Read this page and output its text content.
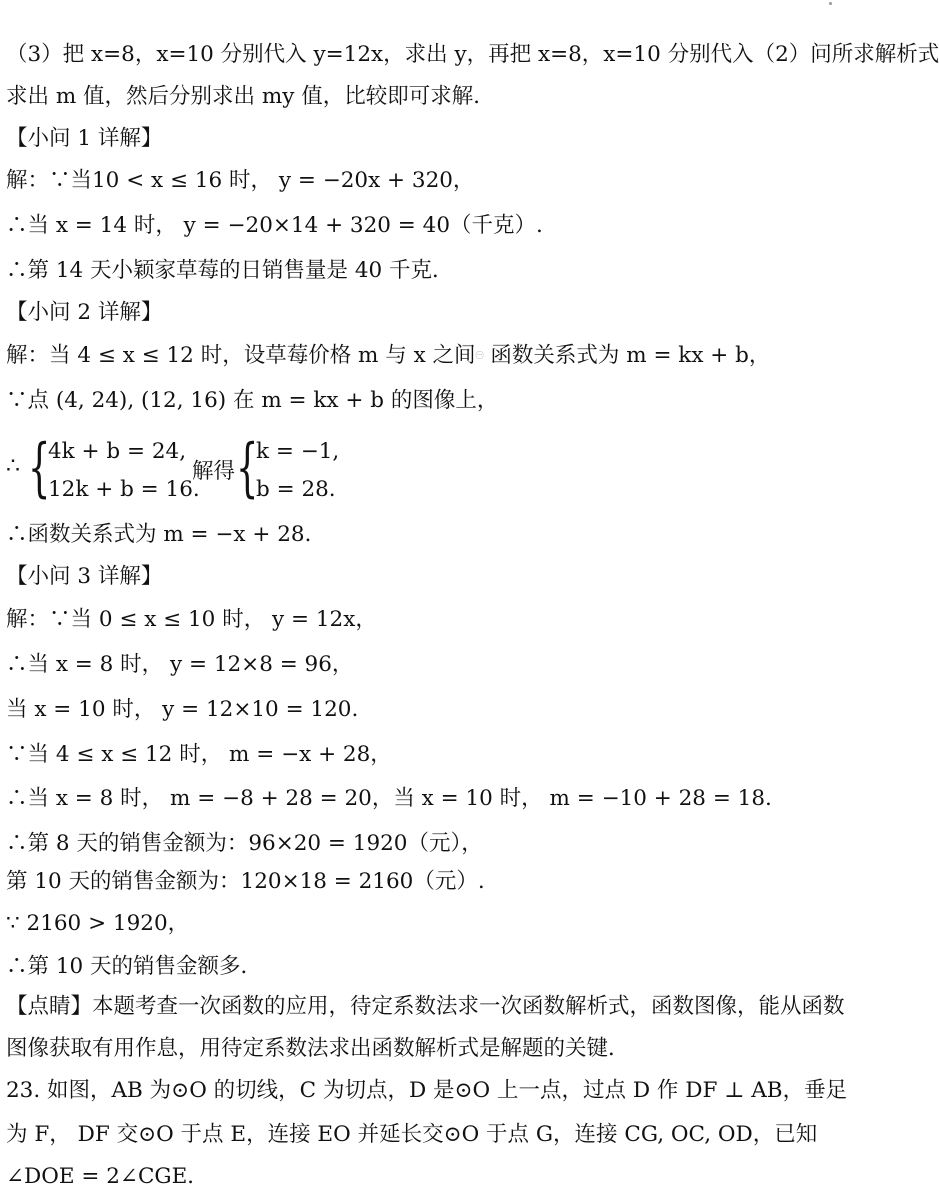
（3）把 x=8，x=10 分别代入 y=12x，求出 y，再把 x=8，x=10 分别代入（2）问所求解析式
求出 m 值，然后分别求出 my 值，比较即可求解．
【小问 1 详解】
解：∵当10 < x ≤ 16 时， y = −20x + 320，
∴当 x = 14 时， y = −20×14 + 320 = 40（千克）.
∴第 14 天小颖家草莓的日销售量是 40 千克．
【小问 2 详解】
解：当 4 ≤ x ≤ 12 时，设草莓价格 m 与 x 之间$^㊀$ 函数关系式为 m = kx + b，
∵点 (4, 24), (12, 16) 在 m = kx + b 的图像上，
∴ {
4k + b = 24,
12k + b = 16.
解得 {
k = −1,
b = 28.
∴函数关系式为 m = −x + 28．
【小问 3 详解】
解：∵当 0 ≤ x ≤ 10 时， y = 12x，
∴当 x = 8 时， y = 12×8 = 96，
当 x = 10 时， y = 12×10 = 120.
∵当 4 ≤ x ≤ 12 时， m = −x + 28，
∴当 x = 8 时， m = −8 + 28 = 20，当 x = 10 时， m = −10 + 28 = 18.
∴第 8 天的销售金额为：96×20 = 1920（元），
第 10 天的销售金额为：120×18 = 2160（元）.
∵ 2160 > 1920，
∴第 10 天的销售金额多．
【点睛】本题考查一次函数的应用，待定系数法求一次函数解析式，函数图像，能从函数
图像获取有用作息，用待定系数法求出函数解析式是解题的关键．
23. 如图，AB 为⊙O 的切线，C 为切点，D 是⊙O 上一点，过点 D 作 DF ⊥ AB，垂足
为 F， DF 交⊙O 于点 E，连接 EO 并延长交⊙O 于点 G，连接 CG, OC, OD，已知
∠DOE = 2∠CGE．
